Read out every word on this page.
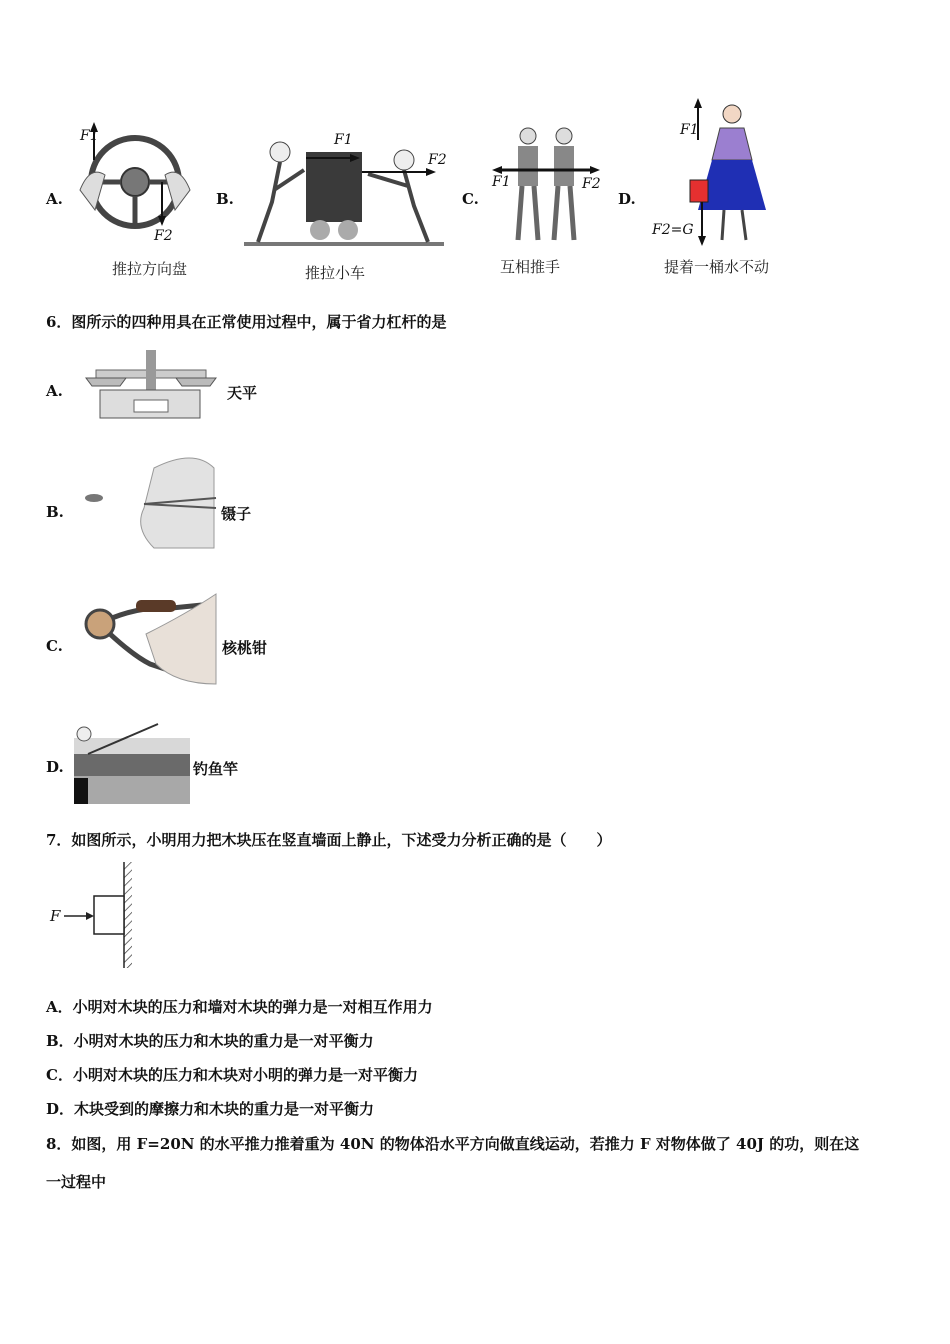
A.
F1
F2
推拉方向盘
B.
F1
F2
推拉小车
C.
F1	F2
互相推手
D.
F1
F2=G
提着一桶水不动
6．图所示的四种用具在正常使用过程中，属于省力杠杆的是
A.	天平
B.	镊子
C.	核桃钳
D.	钓鱼竿
7．如图所示，小明用力把木块压在竖直墙面上静止，下述受力分析正确的是（　　）
F
A．小明对木块的压力和墙对木块的弹力是一对相互作用力
B．小明对木块的压力和木块的重力是一对平衡力
C．小明对木块的压力和木块对小明的弹力是一对平衡力
D．木块受到的摩擦力和木块的重力是一对平衡力
8．如图，用 F=20N 的水平推力推着重为 40N 的物体沿水平方向做直线运动，若推力 F 对物体做了 40J 的功，则在这
一过程中
